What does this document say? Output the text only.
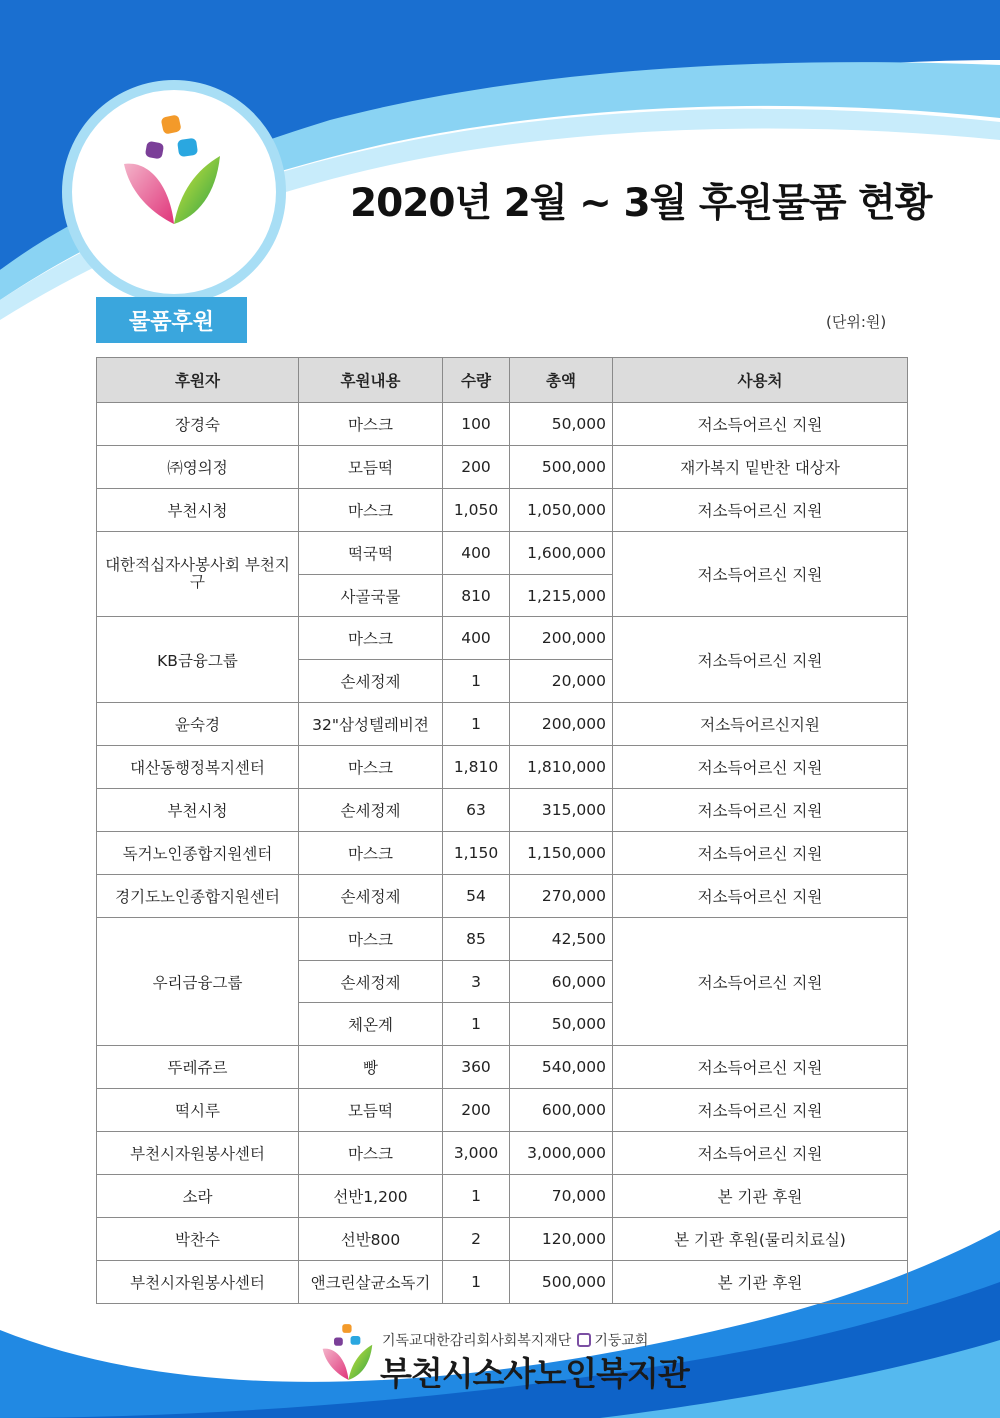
2020년 2월 ~ 3월 후원물품 현황
물품후원	(단위:원)
후원자	후원내용	수량	총액	사용처
장경숙	마스크	100	50,000	저소득어르신 지원
㈜영의정	모듬떡	200	500,000	재가복지 밑반찬 대상자
부천시청	마스크	1,050	1,050,000	저소득어르신 지원
대한적십자사봉사회 부천지구	떡국떡	400	1,600,000	저소득어르신 지원
	사골국물	810	1,215,000	
KB금융그룹	마스크	400	200,000	저소득어르신 지원
	손세정제	1	20,000	
윤숙경	32"삼성텔레비젼	1	200,000	저소득어르신지원
대산동행정복지센터	마스크	1,810	1,810,000	저소득어르신 지원
부천시청	손세정제	63	315,000	저소득어르신 지원
독거노인종합지원센터	마스크	1,150	1,150,000	저소득어르신 지원
경기도노인종합지원센터	손세정제	54	270,000	저소득어르신 지원
우리금융그룹	마스크	85	42,500	저소득어르신 지원
	손세정제	3	60,000	
	체온계	1	50,000	
뚜레쥬르	빵	360	540,000	저소득어르신 지원
떡시루	모듬떡	200	600,000	저소득어르신 지원
부천시자원봉사센터	마스크	3,000	3,000,000	저소득어르신 지원
소라	선반1,200	1	70,000	본 기관 후원
박찬수	선반800	2	120,000	본 기관 후원(물리치료실)
부천시자원봉사센터	앤크린살균소독기	1	500,000	본 기관 후원
기독교대한감리회사회복지재단 기둥교회
부천시소사노인복지관
